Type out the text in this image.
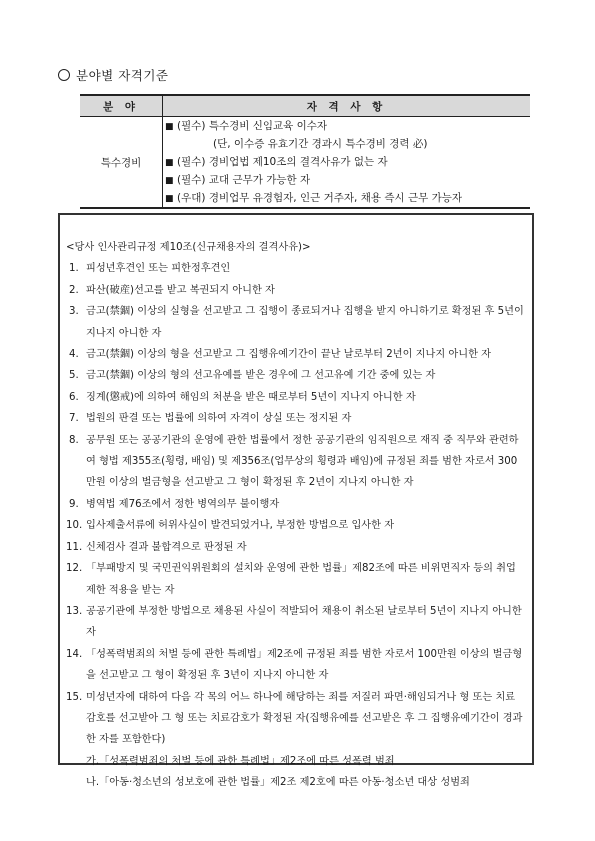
분야별 자격기준
분 야	자 격 사 항
특수경비	■ (필수) 특수경비 신임교육 이수자
(단, 이수증 유효기간 경과시 특수경비 경력 必)
■ (필수) 경비업법 제10조의 결격사유가 없는 자
■ (필수) 교대 근무가 가능한 자
■ (우대) 경비업무 유경험자, 인근 거주자, 채용 즉시 근무 가능자
<당사 인사관리규정 제10조(신규채용자의 결격사유)>
1. 피성년후견인 또는 피한정후견인
2. 파산(破産)선고를 받고 복권되지 아니한 자
3. 금고(禁錮) 이상의 실형을 선고받고 그 집행이 종료되거나 집행을 받지 아니하기로 확정된 후 5년이 지나지 아니한 자
4. 금고(禁錮) 이상의 형을 선고받고 그 집행유예기간이 끝난 날로부터 2년이 지나지 아니한 자
5. 금고(禁錮) 이상의 형의 선고유예를 받은 경우에 그 선고유예 기간 중에 있는 자
6. 징계(懲戒)에 의하여 해임의 처분을 받은 때로부터 5년이 지나지 아니한 자
7. 법원의 판결 또는 법률에 의하여 자격이 상실 또는 정지된 자
8. 공무원 또는 공공기관의 운영에 관한 법률에서 정한 공공기관의 임직원으로 재직 중 직무와 관련하여 형법 제355조(횡령, 배임) 및 제356조(업무상의 횡령과 배임)에 규정된 죄를 범한 자로서 300만원 이상의 벌금형을 선고받고 그 형이 확정된 후 2년이 지나지 아니한 자
9. 병역법 제76조에서 정한 병역의무 불이행자
10. 입사제출서류에 허위사실이 발견되었거나, 부정한 방법으로 입사한 자
11. 신체검사 결과 불합격으로 판정된 자
12. 「부패방지 및 국민권익위원회의 설치와 운영에 관한 법률」제82조에 따른 비위면직자 등의 취업제한 적용을 받는 자
13. 공공기관에 부정한 방법으로 채용된 사실이 적발되어 채용이 취소된 날로부터 5년이 지나지 아니한 자
14. 「성폭력범죄의 처벌 등에 관한 특례법」제2조에 규정된 죄를 범한 자로서 100만원 이상의 벌금형을 선고받고 그 형이 확정된 후 3년이 지나지 아니한 자
15. 미성년자에 대하여 다음 각 목의 어느 하나에 해당하는 죄를 저질러 파면·해임되거나 형 또는 치료감호를 선고받아 그 형 또는 치료감호가 확정된 자(집행유예를 선고받은 후 그 집행유예기간이 경과한 자를 포함한다)
가.「성폭력범죄의 처벌 등에 관한 특례법」제2조에 따른 성폭력 범죄
나.「아동·청소년의 성보호에 관한 법률」제2조 제2호에 따른 아동·청소년 대상 성범죄
